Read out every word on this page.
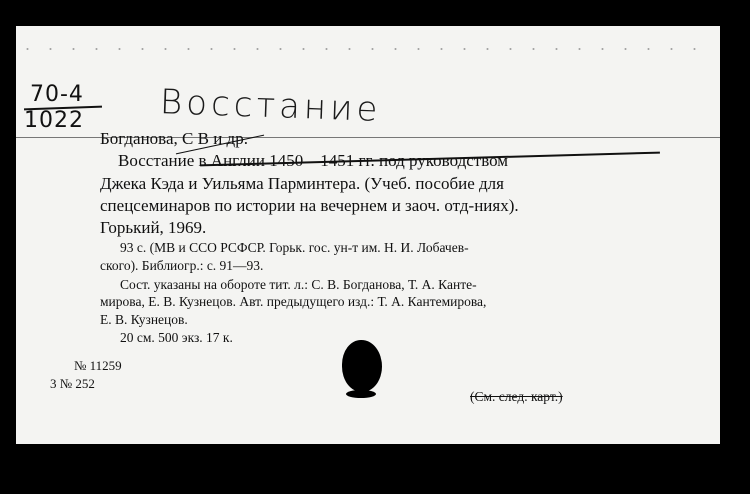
70-4
1022 Восстание
Богданова, С В и др.
Восстание в Англии 1450—1451 гг. под руководством
Джека Кэда и Уильяма Парминтера. (Учеб. пособие для
спецсеминаров по истории на вечернем и заоч. отд-ниях).
Горький, 1969.
93 с. (МВ и ССО РСФСР. Горьк. гос. ун-т им. Н. И. Лобачев-
ского). Библиогр.: с. 91—93.
Сост. указаны на обороте тит. л.: С. В. Богданова, Т. А. Канте-
мирова, Е. В. Кузнецов. Авт. предыдущего изд.: Т. А. Кантемирова,
Е. В. Кузнецов.
20 см. 500 экз. 17 к.
№ 11259
3 № 252
(См. след. карт.)
